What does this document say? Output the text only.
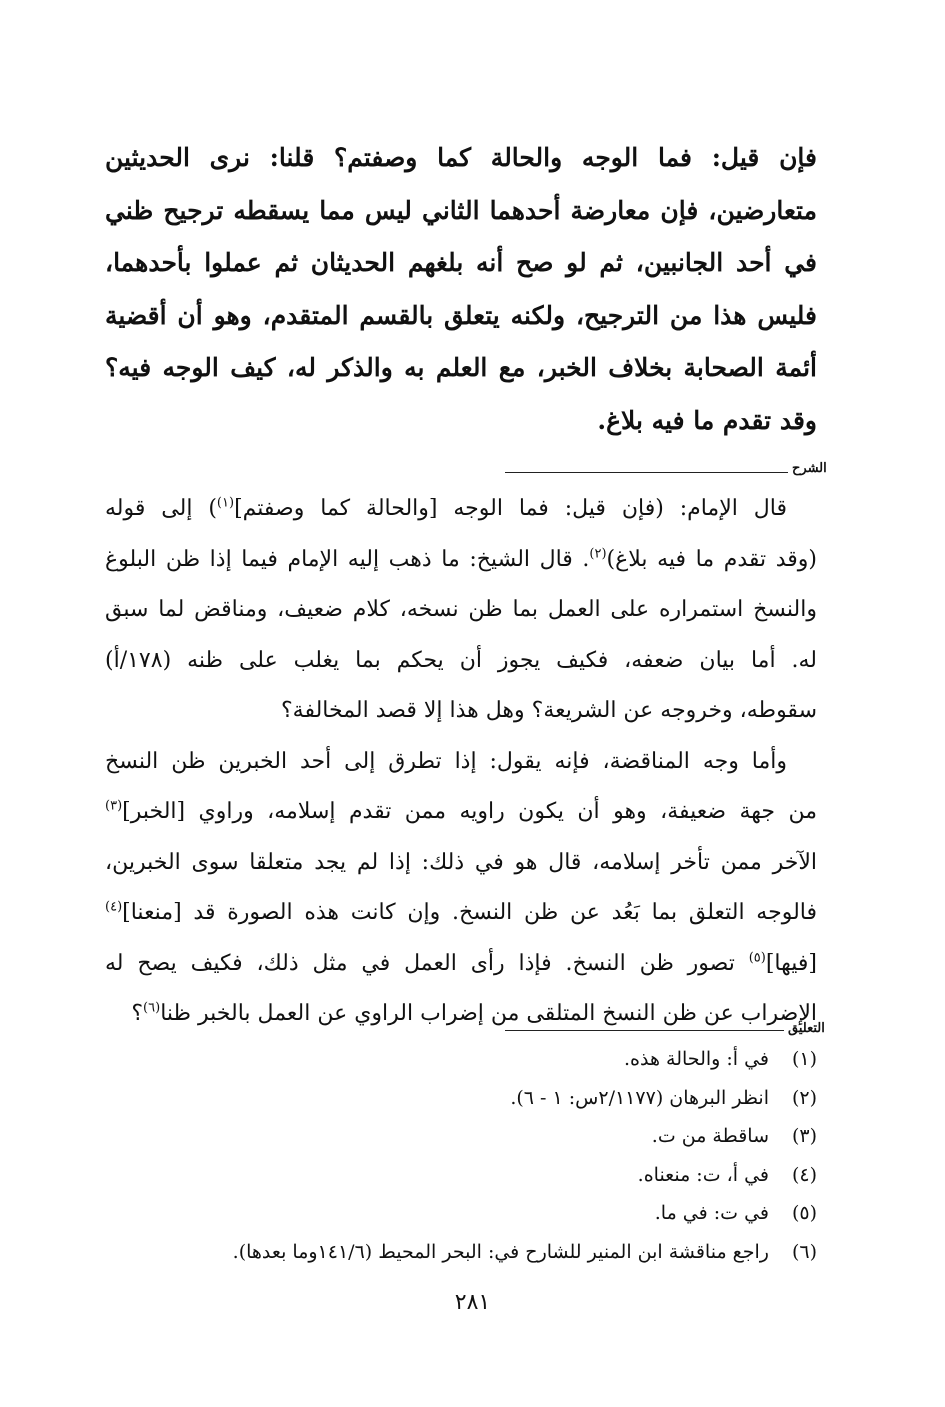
فإن قيل: فما الوجه والحالة كما وصفتم؟ قلنا: نرى الحديثين
متعارضين، فإن معارضة أحدهما الثاني ليس مما يسقطه ترجيح ظني
في أحد الجانبين، ثم لو صح أنه بلغهم الحديثان ثم عملوا بأحدهما،
فليس هذا من الترجيح، ولكنه يتعلق بالقسم المتقدم، وهو أن أقضية
أئمة الصحابة بخلاف الخبر، مع العلم به والذكر له، كيف الوجه فيه؟
وقد تقدم ما فيه بلاغ.
الشرح
قال الإمام: (فإن قيل: فما الوجه [والحالة كما وصفتم]$^{(١)}$) إلى قوله
(وقد تقدم ما فيه بلاغ)$^{(٢)}$. قال الشيخ: ما ذهب إليه الإمام فيما إذا ظن البلوغ
والنسخ استمراره على العمل بما ظن نسخه، كلام ضعيف، ومناقض لما سبق
له. أما بيان ضعفه، فكيف يجوز أن يحكم بما يغلب على ظنه (١٧٨/أ)
سقوطه، وخروجه عن الشريعة؟ وهل هذا إلا قصد المخالفة؟
وأما وجه المناقضة، فإنه يقول: إذا تطرق إلى أحد الخبرين ظن النسخ
من جهة ضعيفة، وهو أن يكون راويه ممن تقدم إسلامه، وراوي [الخبر]$^{(٣)}$
الآخر ممن تأخر إسلامه، قال هو في ذلك: إذا لم يجد متعلقا سوى الخبرين،
فالوجه التعلق بما بَعُد عن ظن النسخ. وإن كانت هذه الصورة قد [منعنا]$^{(٤)}$
[فيها]$^{(٥)}$ تصور ظن النسخ. فإذا رأى العمل في مثل ذلك، فكيف يصح له
الإضراب عن ظن النسخ المتلقى من إضراب الراوي عن العمل بالخبر ظنا$^{(٦)}$؟
التعليق
(١)في أ: والحالة هذه.
(٢)انظر البرهان (٢/١١٧٧س: ١ - ٦).
(٣)ساقطة من ت.
(٤)في أ، ت: منعناه.
(٥)في ت: في ما.
(٦)راجع مناقشة ابن المنير للشارح في: البحر المحيط (١٤١/٦وما بعدها).
٢٨١
